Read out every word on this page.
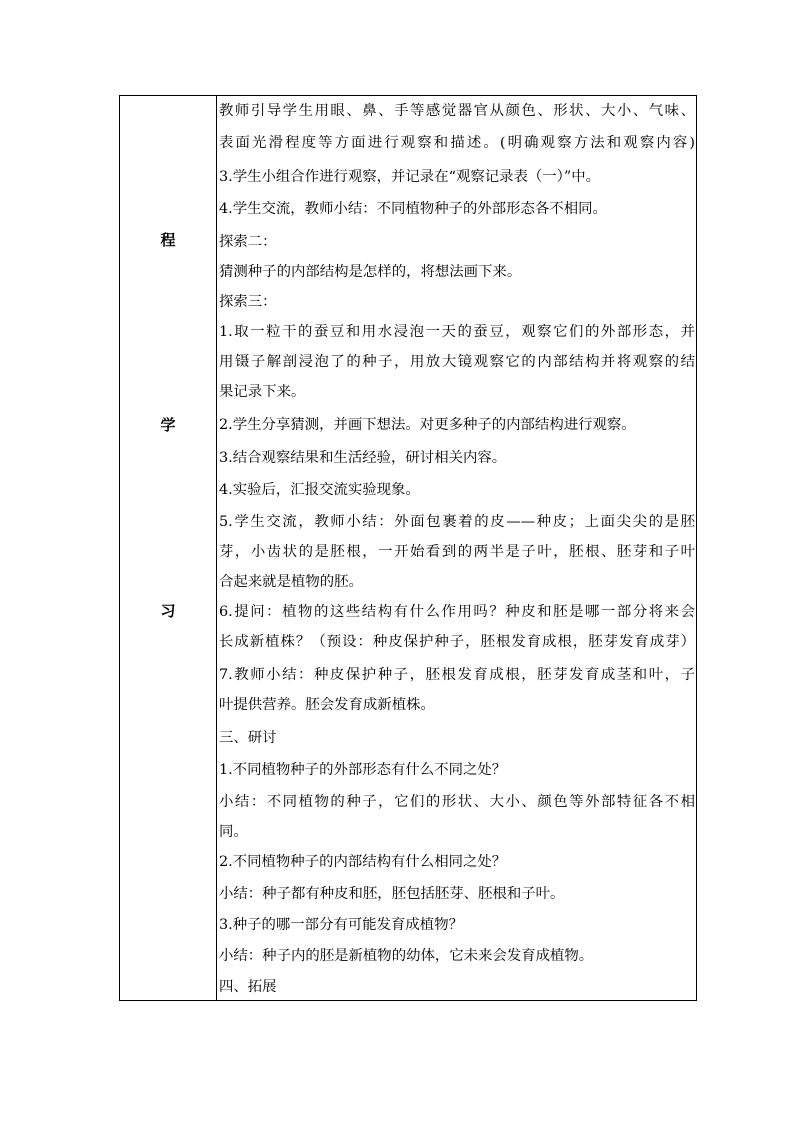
程
学
习
教师引导学生用眼、鼻、手等感觉器官从颜色、形状、大小、气味、
表面光滑程度等方面进行观察和描述。(明确观察方法和观察内容)
3.学生小组合作进行观察，并记录在“观察记录表（一）”中。
4.学生交流，教师小结：不同植物种子的外部形态各不相同。
探索二：
猜测种子的内部结构是怎样的，将想法画下来。
探索三：
1.取一粒干的蚕豆和用水浸泡一天的蚕豆，观察它们的外部形态，并
用镊子解剖浸泡了的种子，用放大镜观察它的内部结构并将观察的结
果记录下来。
2.学生分享猜测，并画下想法。对更多种子的内部结构进行观察。
3.结合观察结果和生活经验，研讨相关内容。
4.实验后，汇报交流实验现象。
5.学生交流，教师小结：外面包裹着的皮——种皮；上面尖尖的是胚
芽，小齿状的是胚根，一开始看到的两半是子叶，胚根、胚芽和子叶
合起来就是植物的胚。
6.提问：植物的这些结构有什么作用吗？种皮和胚是哪一部分将来会
长成新植株？（预设：种皮保护种子，胚根发育成根，胚芽发育成芽）
7.教师小结：种皮保护种子，胚根发育成根，胚芽发育成茎和叶，子
叶提供营养。胚会发育成新植株。
三、研讨
1.不同植物种子的外部形态有什么不同之处？
小结：不同植物的种子，它们的形状、大小、颜色等外部特征各不相
同。
2.不同植物种子的内部结构有什么相同之处？
小结：种子都有种皮和胚，胚包括胚芽、胚根和子叶。
3.种子的哪一部分有可能发育成植物？
小结：种子内的胚是新植物的幼体，它未来会发育成植物。
四、拓展
